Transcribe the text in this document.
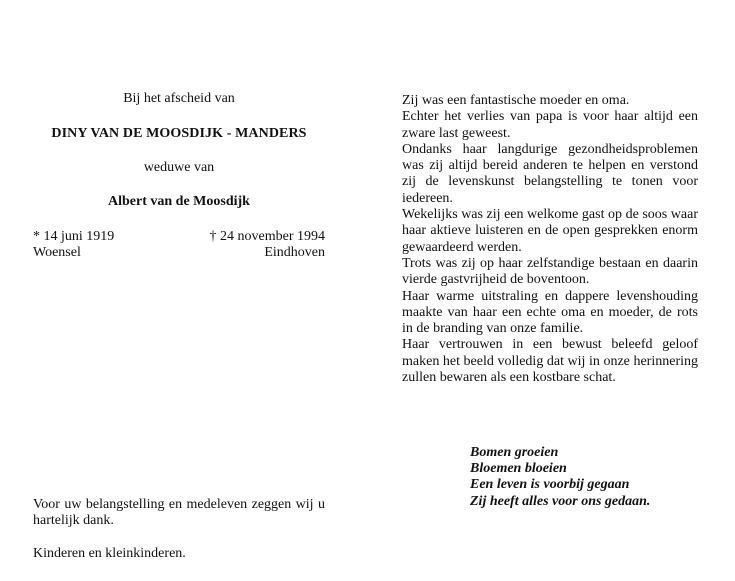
Bij het afscheid van
DINY VAN DE MOOSDIJK - MANDERS
weduwe van
Albert van de Moosdijk
* 14 juni 1919	† 24 november 1994
Woensel	Eindhoven
Voor uw belangstelling en medeleven zeggen wij u hartelijk dank.
Kinderen en kleinkinderen.

Zij was een fantastische moeder en oma.

Echter het verlies van papa is voor haar altijd een zware last geweest.

Ondanks haar langdurige gezondheidsproblemen was zij altijd bereid anderen te helpen en verstond zij de levenskunst belangstelling te tonen voor iedereen.

Wekelijks was zij een welkome gast op de soos waar haar aktieve luisteren en de open gesprekken enorm gewaardeerd werden.

Trots was zij op haar zelfstandige bestaan en daarin vierde gastvrijheid de boventoon.

Haar warme uitstraling en dappere levenshouding maakte van haar een echte oma en moeder, de rots in de branding van onze familie.

Haar vertrouwen in een bewust beleefd geloof maken het beeld volledig dat wij in onze herinnering zullen bewaren als een kostbare schat.

Bomen groeien
Bloemen bloeien
Een leven is voorbij gegaan
Zij heeft alles voor ons gedaan.
